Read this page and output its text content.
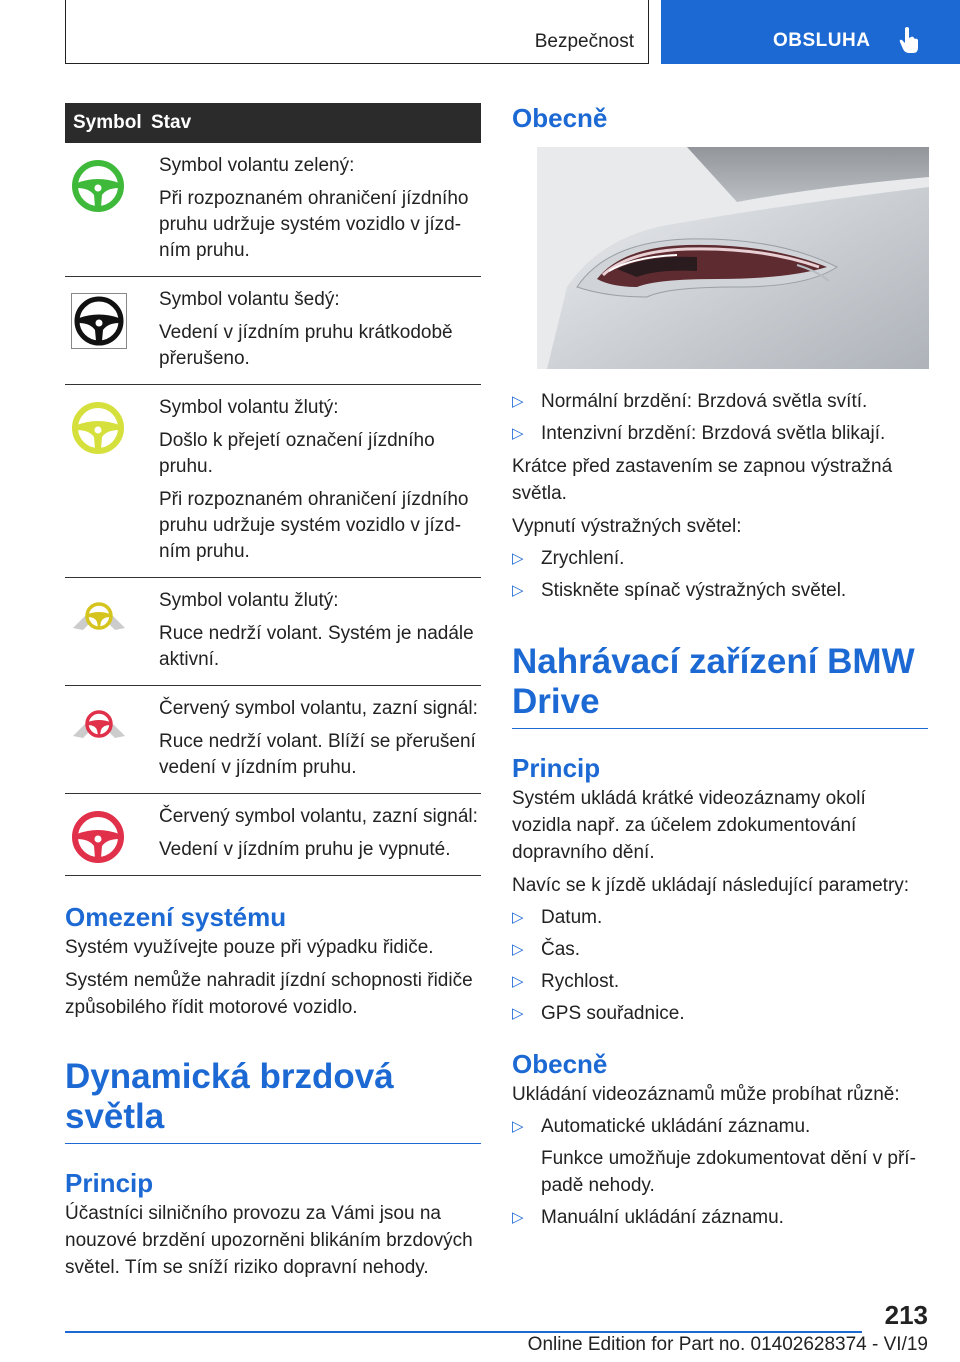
Bezpečnost	OBSLUHA
Symbol	Stav

Symbol volantu zelený:
Při rozpoznaném ohraničení jízdního pruhu udržuje systém vozidlo v jízdním pruhu.

Symbol volantu šedý:
Vedení v jízdním pruhu krátkodobě přerušeno.

Symbol volantu žlutý:
Došlo k přejetí označení jízdního pruhu.
Při rozpoznaném ohraničení jízdního pruhu udržuje systém vozidlo v jízdním pruhu.

Symbol volantu žlutý:
Ruce nedrží volant. Systém je nadále aktivní.

Červený symbol volantu, zazní signál:
Ruce nedrží volant. Blíží se přerušení vedení v jízdním pruhu.

Červený symbol volantu, zazní signál:
Vedení v jízdním pruhu je vypnuté.
Omezení systému
Systém využívejte pouze při výpadku řidiče.
Systém nemůže nahradit jízdní schopnosti řidiče způsobilého řídit motorové vozidlo.
Dynamická brzdová světla
Princip
Účastníci silničního provozu za Vámi jsou na nouzové brzdění upozorněni blikáním brzdových světel. Tím se sníží riziko dopravní nehody.
Obecně
▷ Normální brzdění: Brzdová světla svítí.
▷ Intenzivní brzdění: Brzdová světla blikají.
Krátce před zastavením se zapnou výstražná světla.
Vypnutí výstražných světel:
▷ Zrychlení.
▷ Stiskněte spínač výstražných světel.
Nahrávací zařízení BMW Drive
Princip
Systém ukládá krátké videozáznamy okolí vozidla např. za účelem zdokumentování dopravního dění.
Navíc se k jízdě ukládají následující parametry:
▷ Datum.
▷ Čas.
▷ Rychlost.
▷ GPS souřadnice.
Obecně
Ukládání videozáznamů může probíhat různě:
▷ Automatické ukládání záznamu.
Funkce umožňuje zdokumentovat dění v případě nehody.
▷ Manuální ukládání záznamu.
213
Online Edition for Part no. 01402628374 - VI/19
